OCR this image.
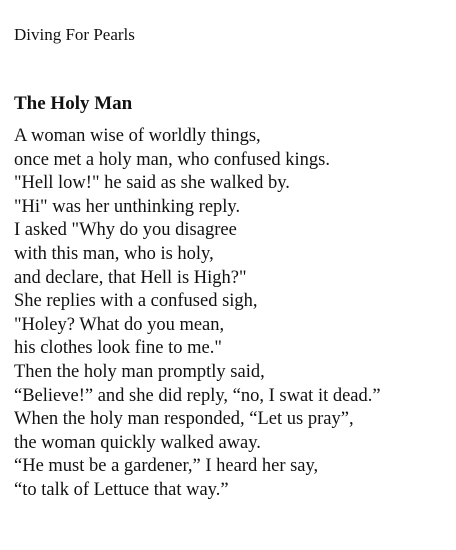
Diving For Pearls

The Holy Man
A woman wise of worldly things,
once met a holy man, who confused kings.
"Hell low!" he said as she walked by.
"Hi" was her unthinking reply.
I asked "Why do you disagree
with this man, who is holy,
and declare, that Hell is High?"
She replies with a confused sigh,
"Holey? What do you mean,
his clothes look fine to me."
Then the holy man promptly said,
“Believe!” and she did reply, “no, I swat it dead.”
When the holy man responded, “Let us pray”,
the woman quickly walked away.
“He must be a gardener,” I heard her say,
“to talk of Lettuce that way.”
